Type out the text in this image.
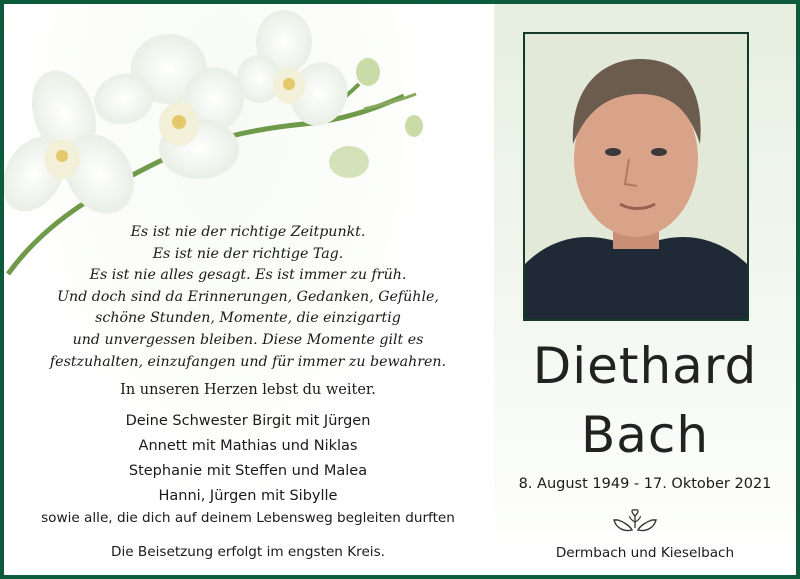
Es ist nie der richtige Zeitpunkt.
Es ist nie der richtige Tag.
Es ist nie alles gesagt. Es ist immer zu früh.
Und doch sind da Erinnerungen, Gedanken, Gefühle,
schöne Stunden, Momente, die einzigartig
und unvergessen bleiben. Diese Momente gilt es
festzuhalten, einzufangen und für immer zu bewahren.
In unseren Herzen lebst du weiter.
Deine Schwester Birgit mit Jürgen
Annett mit Mathias und Niklas
Stephanie mit Steffen und Malea
Hanni, Jürgen mit Sibylle
sowie alle, die dich auf deinem Lebensweg begleiten durften
Die Beisetzung erfolgt im engsten Kreis.
Diethard
Bach
8. August 1949 - 17. Oktober 2021
Dermbach und Kieselbach
